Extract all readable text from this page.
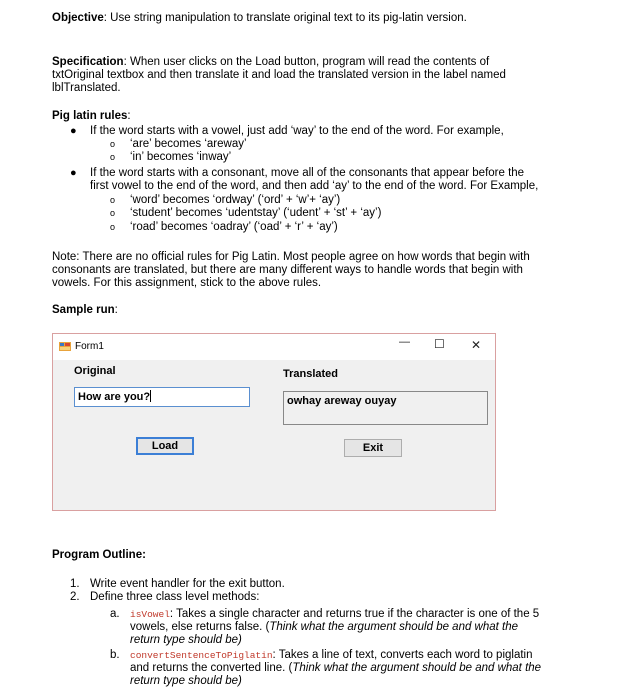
Objective: Use string manipulation to translate original text to its pig-latin version.
Specification: When user clicks on the Load button, program will read the contents of
txtOriginal textbox and then translate it and load the translated version in the label named
lblTranslated.
Pig latin rules:
● If the word starts with a vowel, just add ‘way’ to the end of the word. For example,
o ‘are’ becomes ‘areway’
o ‘in’ becomes ‘inway’
● If the word starts with a consonant, move all of the consonants that appear before the
first vowel to the end of the word, and then add ‘ay’ to the end of the word. For Example,
o ‘word’ becomes ‘ordway’ (‘ord’ + ‘w’+ ‘ay’)
o ‘student’ becomes ‘udentstay’ (‘udent’ + ‘st’ + ‘ay’)
o ‘road’ becomes ‘oadray’ (‘oad’ + ‘r’ + ‘ay’)
Note: There are no official rules for Pig Latin. Most people agree on how words that begin with
consonants are translated, but there are many different ways to handle words that begin with
vowels. For this assignment, stick to the above rules.
Sample run:
Form1	— ☐ ✕
Original	Translated
How are you?	owhay areway ouyay
Load	Exit
Program Outline:
1. Write event handler for the exit button.
2. Define three class level methods:
a. isVowel: Takes a single character and returns true if the character is one of the 5
vowels, else returns false. (Think what the argument should be and what the
return type should be)
b. convertSentenceToPiglatin: Takes a line of text, converts each word to piglatin
and returns the converted line. (Think what the argument should be and what the
return type should be)
